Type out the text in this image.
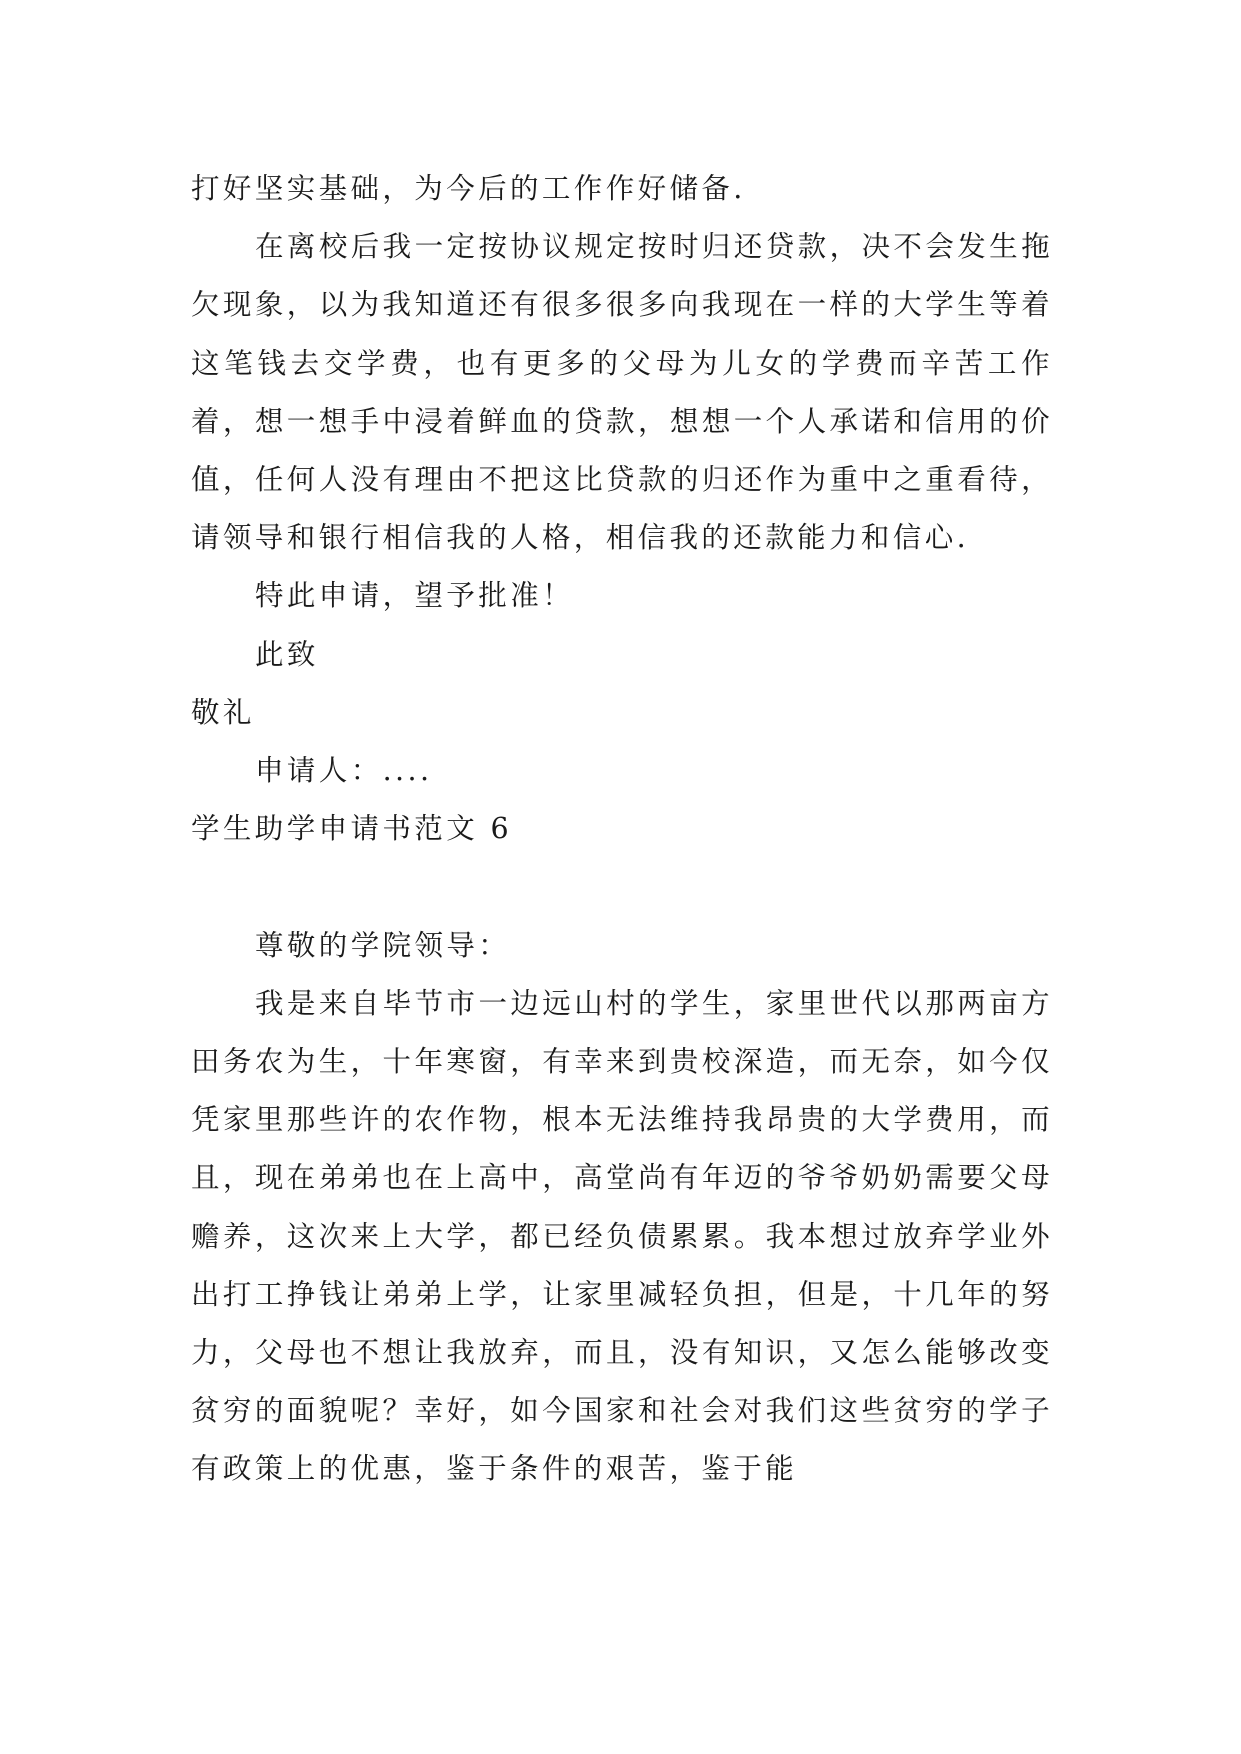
打好坚实基础，为今后的工作作好储备.

在离校后我一定按协议规定按时归还贷款，决不会发生拖欠现象，以为我知道还有很多很多向我现在一样的大学生等着这笔钱去交学费，也有更多的父母为儿女的学费而辛苦工作着，想一想手中浸着鲜血的贷款，想想一个人承诺和信用的价值，任何人没有理由不把这比贷款的归还作为重中之重看待，请领导和银行相信我的人格，相信我的还款能力和信心.

特此申请，望予批准！

此致

敬礼

申请人：....

学生助学申请书范文 6

尊敬的学院领导：

我是来自毕节市一边远山村的学生，家里世代以那两亩方田务农为生，十年寒窗，有幸来到贵校深造，而无奈，如今仅凭家里那些许的农作物，根本无法维持我昂贵的大学费用，而且，现在弟弟也在上高中，高堂尚有年迈的爷爷奶奶需要父母赡养，这次来上大学，都已经负债累累。我本想过放弃学业外出打工挣钱让弟弟上学，让家里减轻负担，但是，十几年的努力，父母也不想让我放弃，而且，没有知识，又怎么能够改变贫穷的面貌呢？幸好，如今国家和社会对我们这些贫穷的学子有政策上的优惠，鉴于条件的艰苦，鉴于能
